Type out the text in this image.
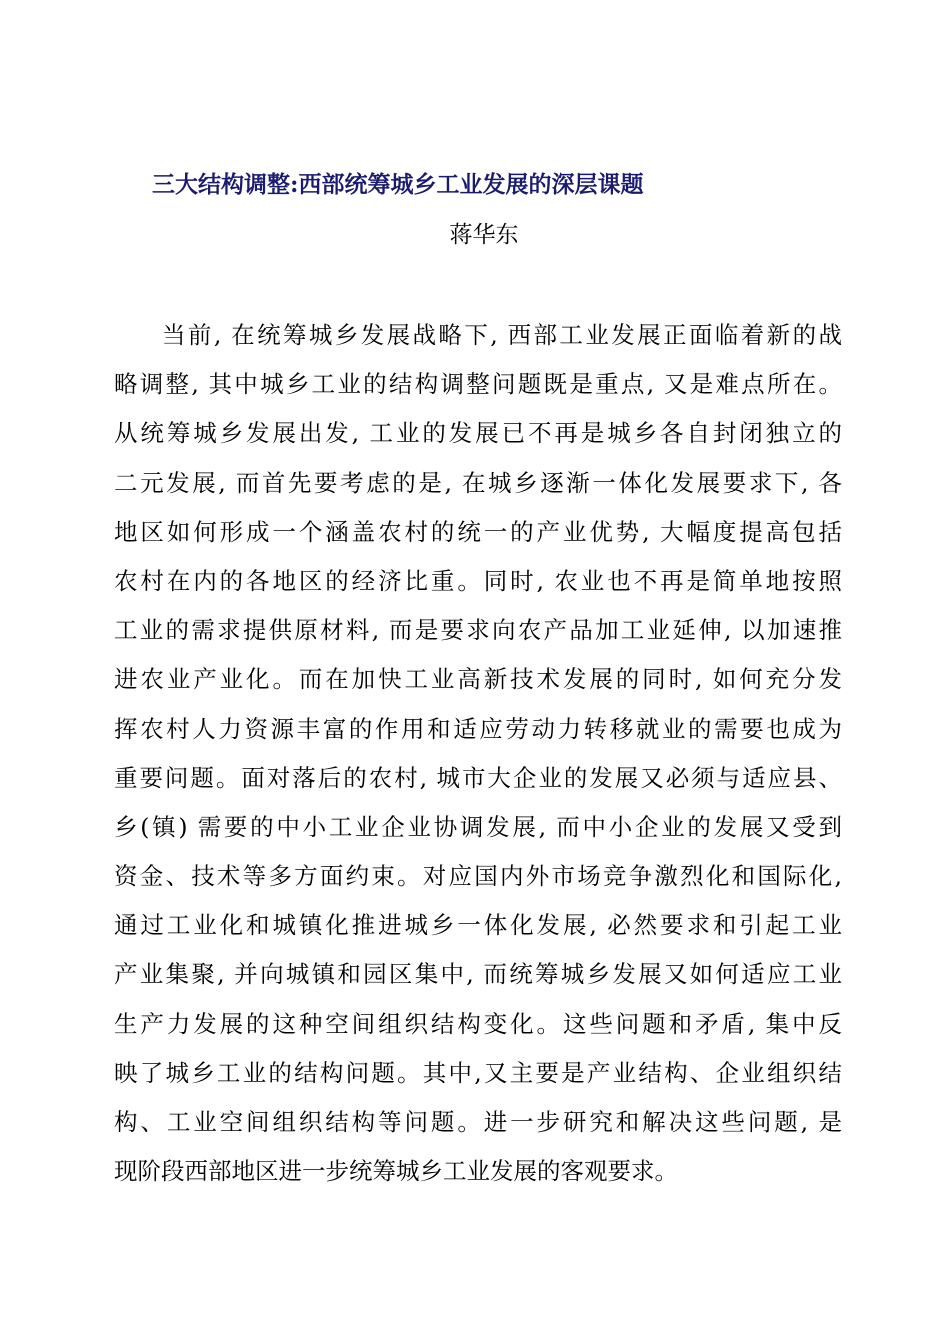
三大结构调整:西部统筹城乡工业发展的深层课题
蒋华东
当前, 在统筹城乡发展战略下, 西部工业发展正面临着新的战
略调整, 其中城乡工业的结构调整问题既是重点, 又是难点所在。
从统筹城乡发展出发, 工业的发展已不再是城乡各自封闭独立的
二元发展, 而首先要考虑的是, 在城乡逐渐一体化发展要求下, 各
地区如何形成一个涵盖农村的统一的产业优势, 大幅度提高包括
农村在内的各地区的经济比重。同时, 农业也不再是简单地按照
工业的需求提供原材料, 而是要求向农产品加工业延伸, 以加速推
进农业产业化。而在加快工业高新技术发展的同时, 如何充分发
挥农村人力资源丰富的作用和适应劳动力转移就业的需要也成为
重要问题。面对落后的农村, 城市大企业的发展又必须与适应县、
乡(镇) 需要的中小工业企业协调发展, 而中小企业的发展又受到
资金、技术等多方面约束。对应国内外市场竞争激烈化和国际化,
通过工业化和城镇化推进城乡一体化发展, 必然要求和引起工业
产业集聚, 并向城镇和园区集中, 而统筹城乡发展又如何适应工业
生产力发展的这种空间组织结构变化。这些问题和矛盾, 集中反
映了城乡工业的结构问题。其中,又主要是产业结构、企业组织结
构、工业空间组织结构等问题。进一步研究和解决这些问题, 是
现阶段西部地区进一步统筹城乡工业发展的客观要求。
